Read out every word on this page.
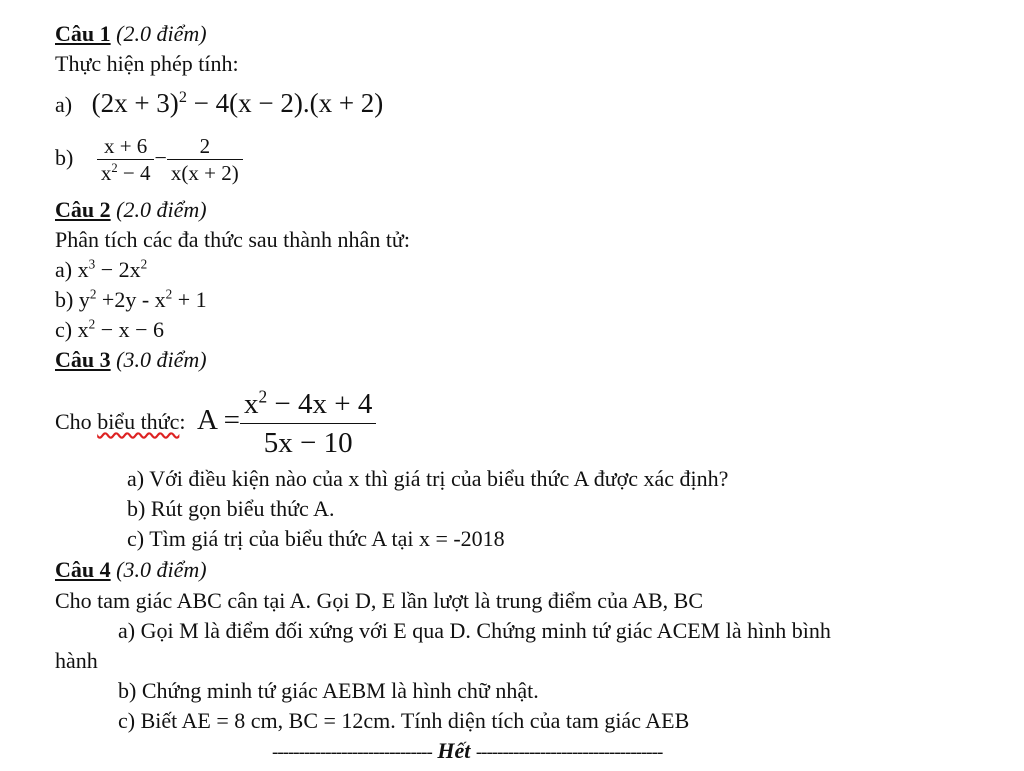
Câu 1 (2.0 điểm)
Thực hiện phép tính:
a) $(2x + 3)^2 - 4(x - 2).(x + 2)$
$b) \frac{x + 6}{x^2 - 4} - \frac{2}{x(x + 2)}$
Câu 2 (2.0 điểm)
Phân tích các đa thức sau thành nhân tử:
a) $x^3 - 2x^2$
b) $y^2 +2y - x^2 + 1$
c) $x^2 - x - 6$
Câu 3 (3.0 điểm)
Cho biểu thức: $A = \frac{x^2 - 4x + 4}{5x - 10}$
a) Với điều kiện nào của x thì giá trị của biểu thức A được xác định?
b) Rút gọn biểu thức A.
c) Tìm giá trị của biểu thức A tại x = -2018
Câu 4 (3.0 điểm)
Cho tam giác ABC cân tại A. Gọi D, E lần lượt là trung điểm của AB, BC
a) Gọi M là điểm đối xứng với E qua D. Chứng minh tứ giác ACEM là hình bình
hành
b) Chứng minh tứ giác AEBM là hình chữ nhật.
c) Biết AE = 8 cm, BC = 12cm. Tính diện tích của tam giác AEB
------------------------------ Hết -----------------------------------
